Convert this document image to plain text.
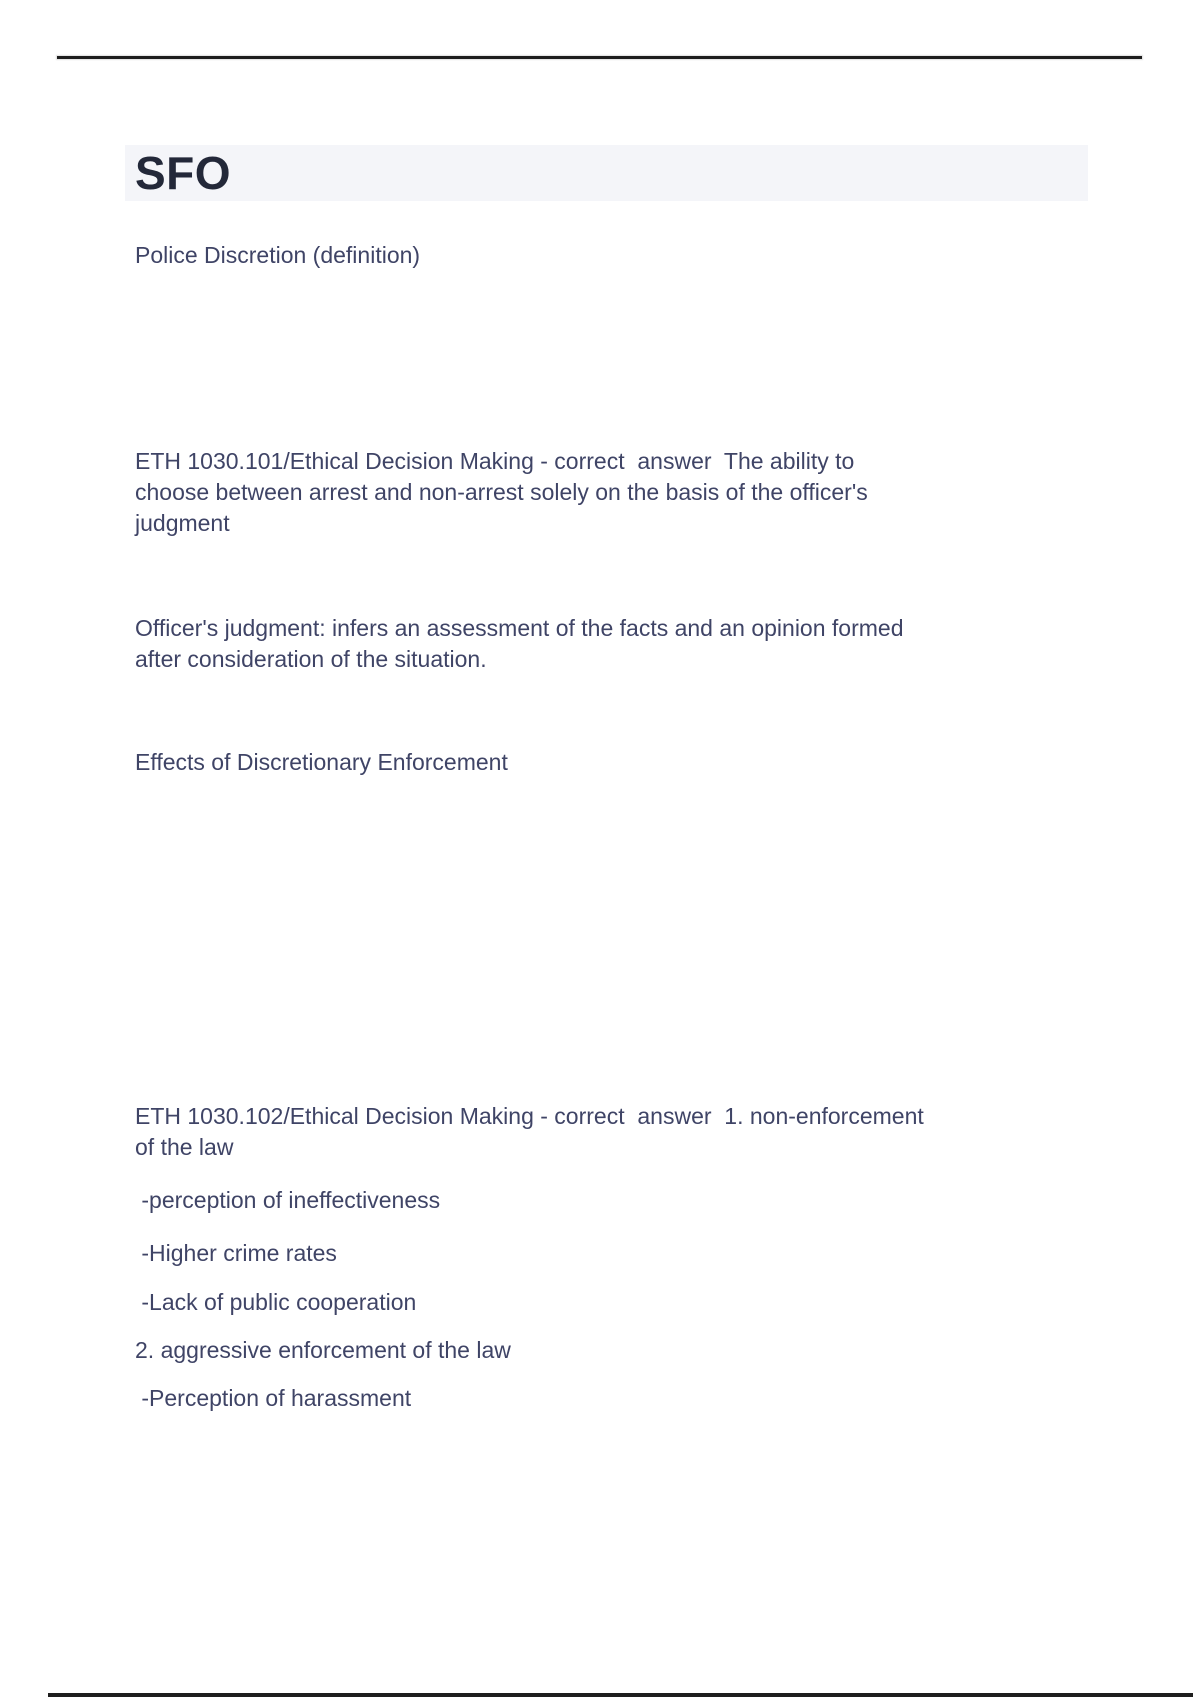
SFO
Police Discretion (definition)
ETH 1030.101/Ethical Decision Making - correct  answer  The ability to
choose between arrest and non-arrest solely on the basis of the officer's
judgment
Officer's judgment: infers an assessment of the facts and an opinion formed
after consideration of the situation.
Effects of Discretionary Enforcement
ETH 1030.102/Ethical Decision Making - correct  answer  1. non-enforcement
of the law
-perception of ineffectiveness
-Higher crime rates
-Lack of public cooperation
2. aggressive enforcement of the law
-Perception of harassment
